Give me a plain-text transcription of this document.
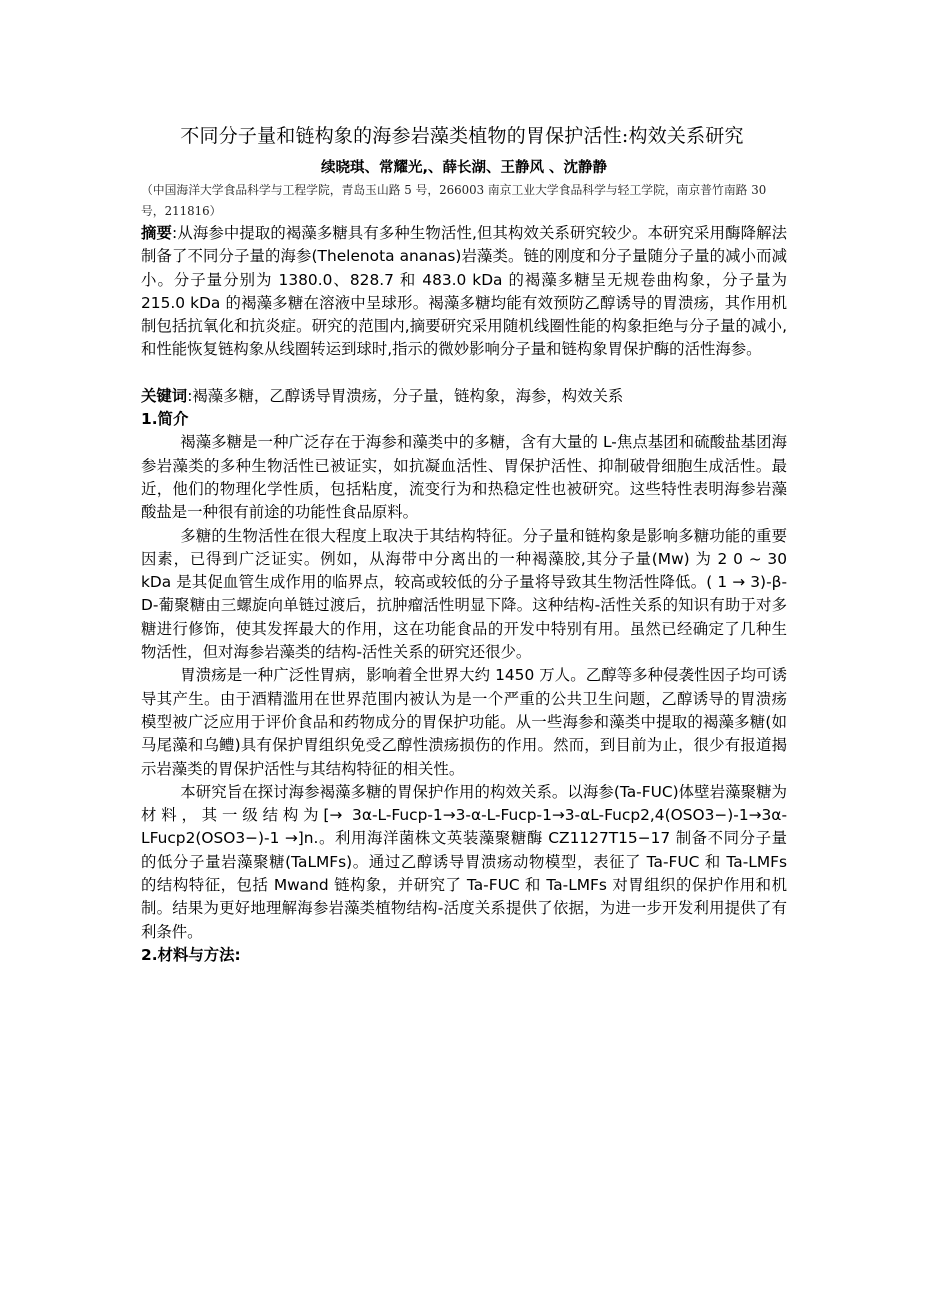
不同分子量和链构象的海参岩藻类植物的胃保护活性:构效关系研究
续晓琪、常耀光,、薛长湖、王静风 、沈静静
（中国海洋大学食品科学与工程学院，青岛玉山路 5 号，266003 南京工业大学食品科学与轻工学院，南京普竹南路 30 号，211816）

摘要:从海参中提取的褐藻多糖具有多种生物活性,但其构效关系研究较少。本研究采用酶降解法制备了不同分子量的海参(Thelenota ananas)岩藻类。链的刚度和分子量随分子量的减小而减小。分子量分别为 1380.0、828.7 和 483.0 kDa 的褐藻多糖呈无规卷曲构象，分子量为 215.0 kDa 的褐藻多糖在溶液中呈球形。褐藻多糖均能有效预防乙醇诱导的胃溃疡，其作用机制包括抗氧化和抗炎症。研究的范围内,摘要研究采用随机线圈性能的构象拒绝与分子量的减小,和性能恢复链构象从线圈转运到球时,指示的微妙影响分子量和链构象胃保护酶的活性海参。

关键词:褐藻多糖，乙醇诱导胃溃疡，分子量，链构象，海参，构效关系

1.简介

褐藻多糖是一种广泛存在于海参和藻类中的多糖，含有大量的 L-焦点基团和硫酸盐基团海参岩藻类的多种生物活性已被证实，如抗凝血活性、胃保护活性、抑制破骨细胞生成活性。最近，他们的物理化学性质，包括粘度，流变行为和热稳定性也被研究。这些特性表明海参岩藻酸盐是一种很有前途的功能性食品原料。

多糖的生物活性在很大程度上取决于其结构特征。分子量和链构象是影响多糖功能的重要因素，已得到广泛证实。例如，从海带中分离出的一种褐藻胶,其分子量(Mw) 为 2 0 ~ 30 kDa 是其促血管生成作用的临界点，较高或较低的分子量将导致其生物活性降低。( 1 → 3)-β-D-葡聚糖由三螺旋向单链过渡后，抗肿瘤活性明显下降。这种结构-活性关系的知识有助于对多糖进行修饰，使其发挥最大的作用，这在功能食品的开发中特别有用。虽然已经确定了几种生物活性，但对海参岩藻类的结构-活性关系的研究还很少。

胃溃疡是一种广泛性胃病，影响着全世界大约 1450 万人。乙醇等多种侵袭性因子均可诱导其产生。由于酒精滥用在世界范围内被认为是一个严重的公共卫生问题，乙醇诱导的胃溃疡模型被广泛应用于评价食品和药物成分的胃保护功能。从一些海参和藻类中提取的褐藻多糖(如马尾藻和乌鳢)具有保护胃组织免受乙醇性溃疡损伤的作用。然而，到目前为止，很少有报道揭示岩藻类的胃保护活性与其结构特征的相关性。

本研究旨在探讨海参褐藻多糖的胃保护作用的构效关系。以海参(Ta-FUC)体壁岩藻聚糖为材料，其一级结构为[→ 3α-L-Fucp-1→3-α-L-Fucp-1→3-αL-Fucp2,4(OSO3−)-1→3α-LFucp2(OSO3−)-1 →]n.。利用海洋菌株文英装藻聚糖酶 CZ1127T15−17 制备不同分子量的低分子量岩藻聚糖(TaLMFs)。通过乙醇诱导胃溃疡动物模型，表征了 Ta-FUC 和 Ta-LMFs 的结构特征，包括 Mwand 链构象，并研究了 Ta-FUC 和 Ta-LMFs 对胃组织的保护作用和机制。结果为更好地理解海参岩藻类植物结构-活度关系提供了依据，为进一步开发利用提供了有利条件。

2.材料与方法:
